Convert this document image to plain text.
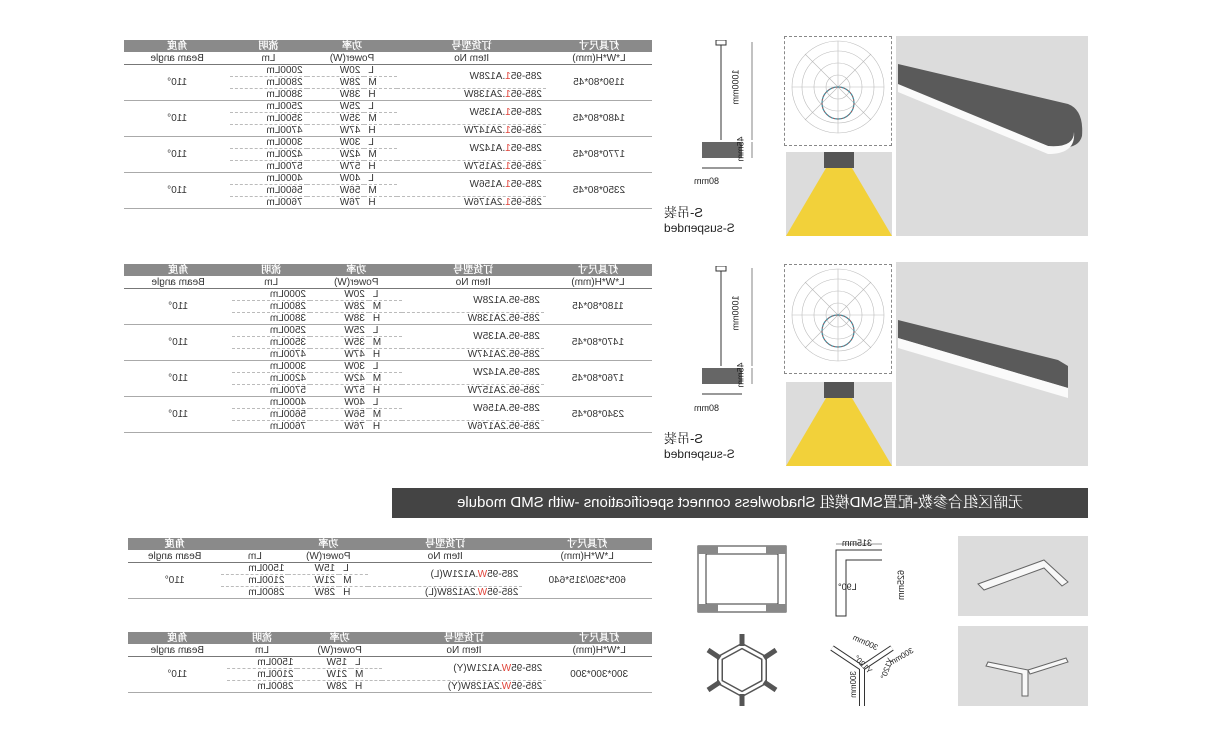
无暗区组合参数-配置SMD模组 Shadowless connect specifications -with SMD module
灯具尺寸	订货型号	功率		流明	角度
L*W*H(mm)	Item No	Power(W)		Lm	Beam angle
1190*80*45	285-951.A128W	L	20W	2000Lm	110°
		M	28W	2800Lm	
	285-951.2A138W	H	38W	3800Lm	
1480*80*45	285-951.A135W	L	25W	2500Lm	110°
		M	35W	3500Lm	
	285-951.2A147W	H	47W	4700Lm	
1770*80*45	285-951.A142W	L	30W	3000Lm	110°
		M	42W	4200Lm	
	285-951.2A157W	H	57W	5700Lm	
2350*80*45	285-951.A156W	L	40W	4000Lm	110°
		M	56W	5600Lm	
	285-951.2A176W	H	76W	7600Lm	
灯具尺寸	订货型号	功率		流明	角度
L*W*H(mm)	Item No	Power(W)		Lm	Beam angle
1180*80*45	285-95.A128W	L	20W	2000Lm	110°
		M	28W	2800Lm	
	285-95.2A138W	H	38W	3800Lm	
1470*80*45	285-95.A135W	L	25W	2500Lm	110°
		M	35W	3500Lm	
	285-95.2A147W	H	47W	4700Lm	
1760*80*45	285-95.A142W	L	30W	3000Lm	110°
		M	42W	4200Lm	
	285-95.2A157W	H	57W	5700Lm	
2340*80*45	285-95.A156W	L	40W	4000Lm	110°
		M	56W	5600Lm	
	285-95.2A176W	H	76W	7600Lm	
灯具尺寸	订货型号	功率			角度
L*W*H(mm)	Item No	Power(W)		Lm	Beam angle
605*350/315*640	285-95W.A121W(L)	L	15W	1500Lm	110°
		M	21W	2100Lm	
	285-95W.2A128W(L)	H	28W	2800Lm	
灯具尺寸	订货型号	功率		流明	角度
L*W*H(mm)	Item No	Power(W)		Lm	Beam angle
300*300*300	285-95W.A121W(Y)	L	15W	1500Lm	110°
		M	21W	2100Lm	
	285-95W.2A128W(Y)	H	28W	2800Lm	
S-吊装
S-suspended
S-吊装
S-suspended
1000mm
1000mm
45mm
45mm
80mm
80mm
315mm
625mm
L90°
300mm
300mm
300mm
Y120° Y120°
